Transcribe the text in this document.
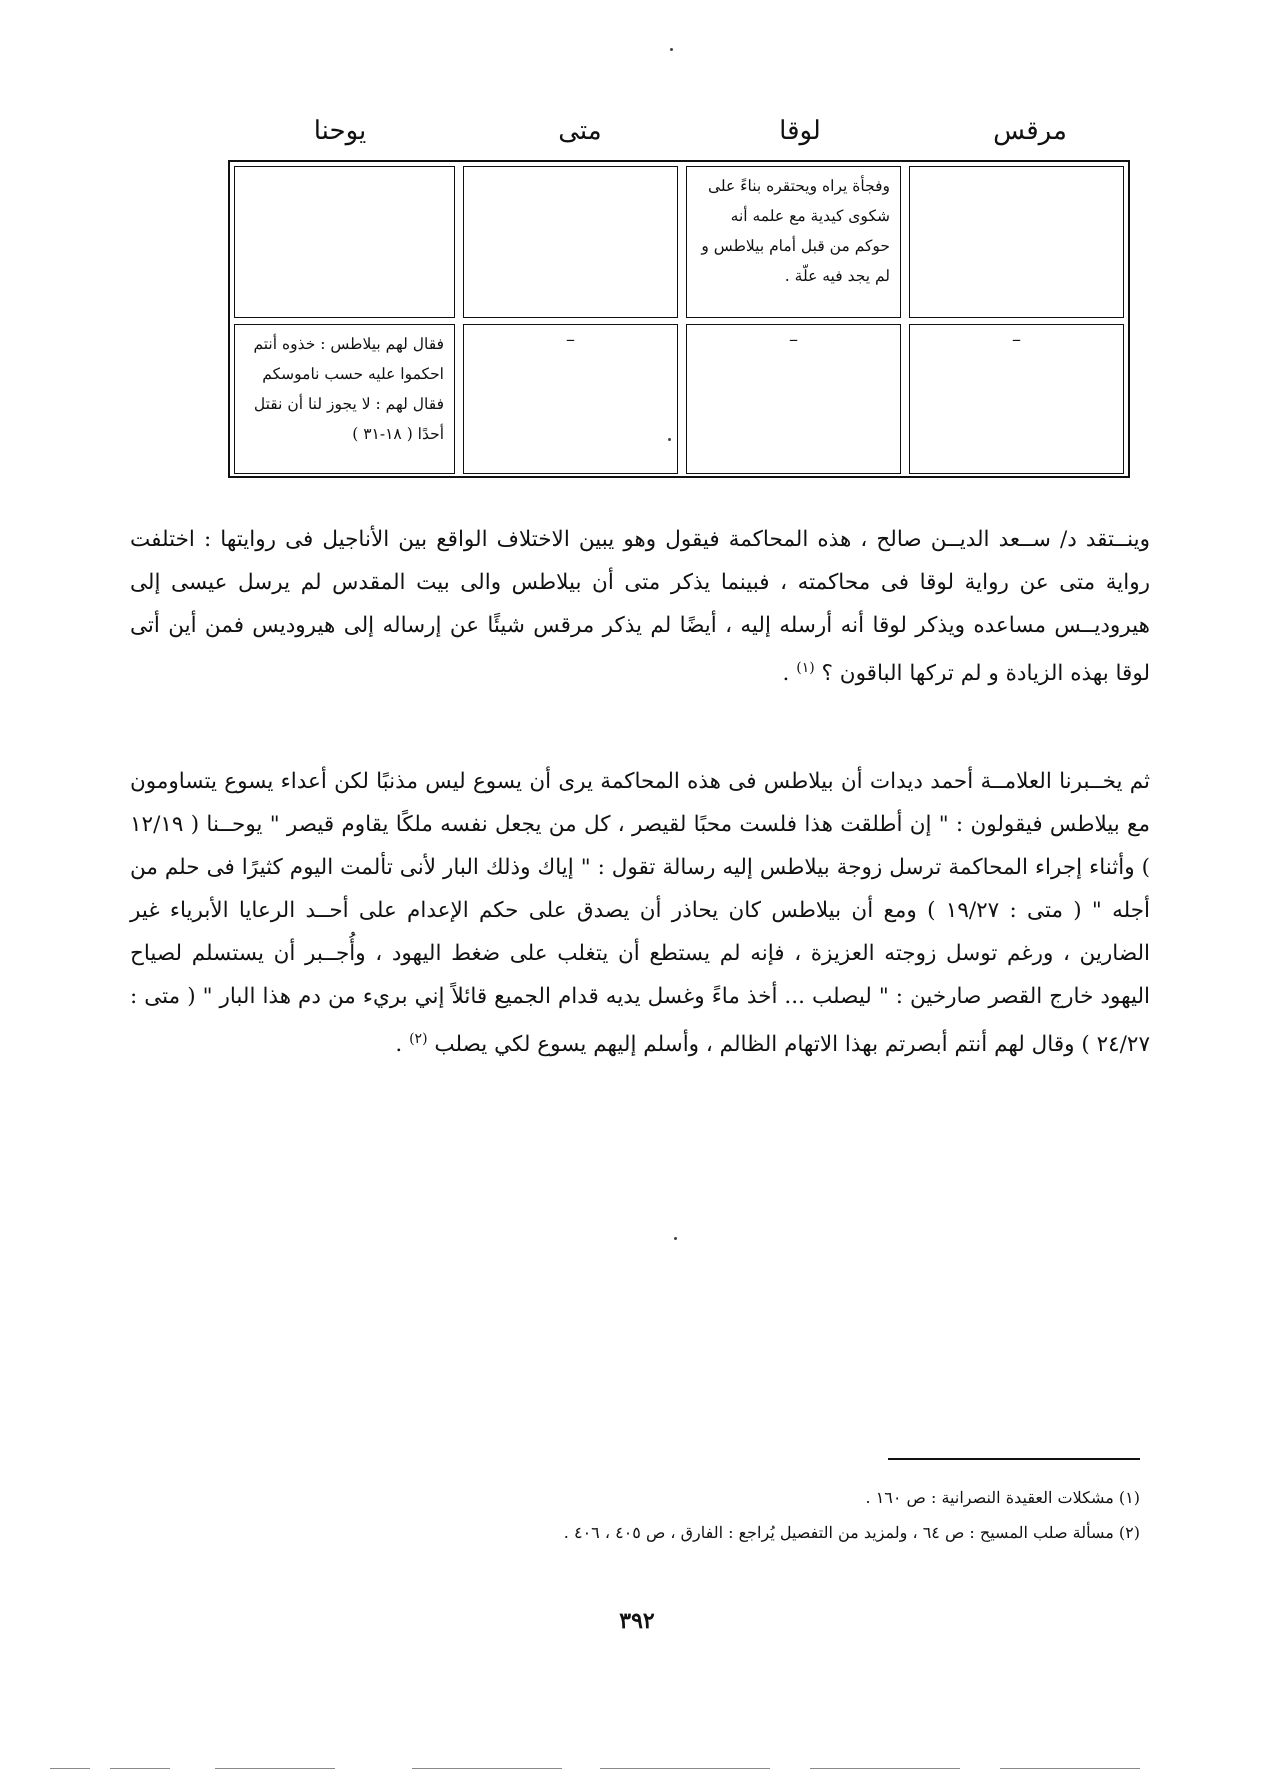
مرقس
لوقا
متى
يوحنا
وفجأة يراه ويحتقره بناءً على شكوى كيدية مع علمه أنه حوكم من قبل أمام بيلاطس و لم يجد فيه علّة .
–
–
–
فقال لهم بيلاطس : خذوه أنتم احكموا عليه حسب ناموسكم فقال لهم : لا يجوز لنا أن نقتل أحدًا ( ١٨-٣١ )
وينــتقد د/ ســعد الديــن صالح ، هذه المحاكمة فيقول وهو يبين الاختلاف الواقع بين الأناجيل فى روايتها : اختلفت رواية متى عن رواية لوقا فى محاكمته ، فبينما يذكر متى أن بيلاطس والى بيت المقدس لم يرسل عيسى إلى هيروديــس مساعده ويذكر لوقا أنه أرسله إليه ، أيضًا لم يذكر مرقس شيئًا عن إرساله إلى هيروديس فمن أين أتى لوقا بهذه الزيادة و لم تركها الباقون ؟ $^{(١)}$ .
ثم يخــبرنا العلامــة أحمد ديدات أن بيلاطس فى هذه المحاكمة يرى أن يسوع ليس مذنبًا لكن أعداء يسوع يتساومون مع بيلاطس فيقولون : " إن أطلقت هذا فلست محبًا لقيصر ، كل من يجعل نفسه ملكًا يقاوم قيصر " يوحــنا ( ١٢/١٩ ) وأثناء إجراء المحاكمة ترسل زوجة بيلاطس إليه رسالة تقول : " إياك وذلك البار لأنى تألمت اليوم كثيرًا فى حلم من أجله " ( متى : ١٩/٢٧ ) ومع أن بيلاطس كان يحاذر أن يصدق على حكم الإعدام على أحــد الرعايا الأبرياء غير الضارين ، ورغم توسل زوجته العزيزة ، فإنه لم يستطع أن يتغلب على ضغط اليهود ، وأُجــبر أن يستسلم لصياح اليهود خارج القصر صارخين : " ليصلب ... أخذ ماءً وغسل يديه قدام الجميع قائلاً إني بريء من دم هذا البار " ( متى : ٢٤/٢٧ ) وقال لهم أنتم أبصرتم بهذا الاتهام الظالم ، وأسلم إليهم يسوع لكي يصلب $^{(٢)}$ .
(١) مشكلات العقيدة النصرانية : ص ١٦٠ .
(٢) مسألة صلب المسيح : ص ٦٤ ، ولمزيد من التفصيل يُراجع : الفارق ، ص ٤٠٥ ، ٤٠٦ .
٣٩٢
